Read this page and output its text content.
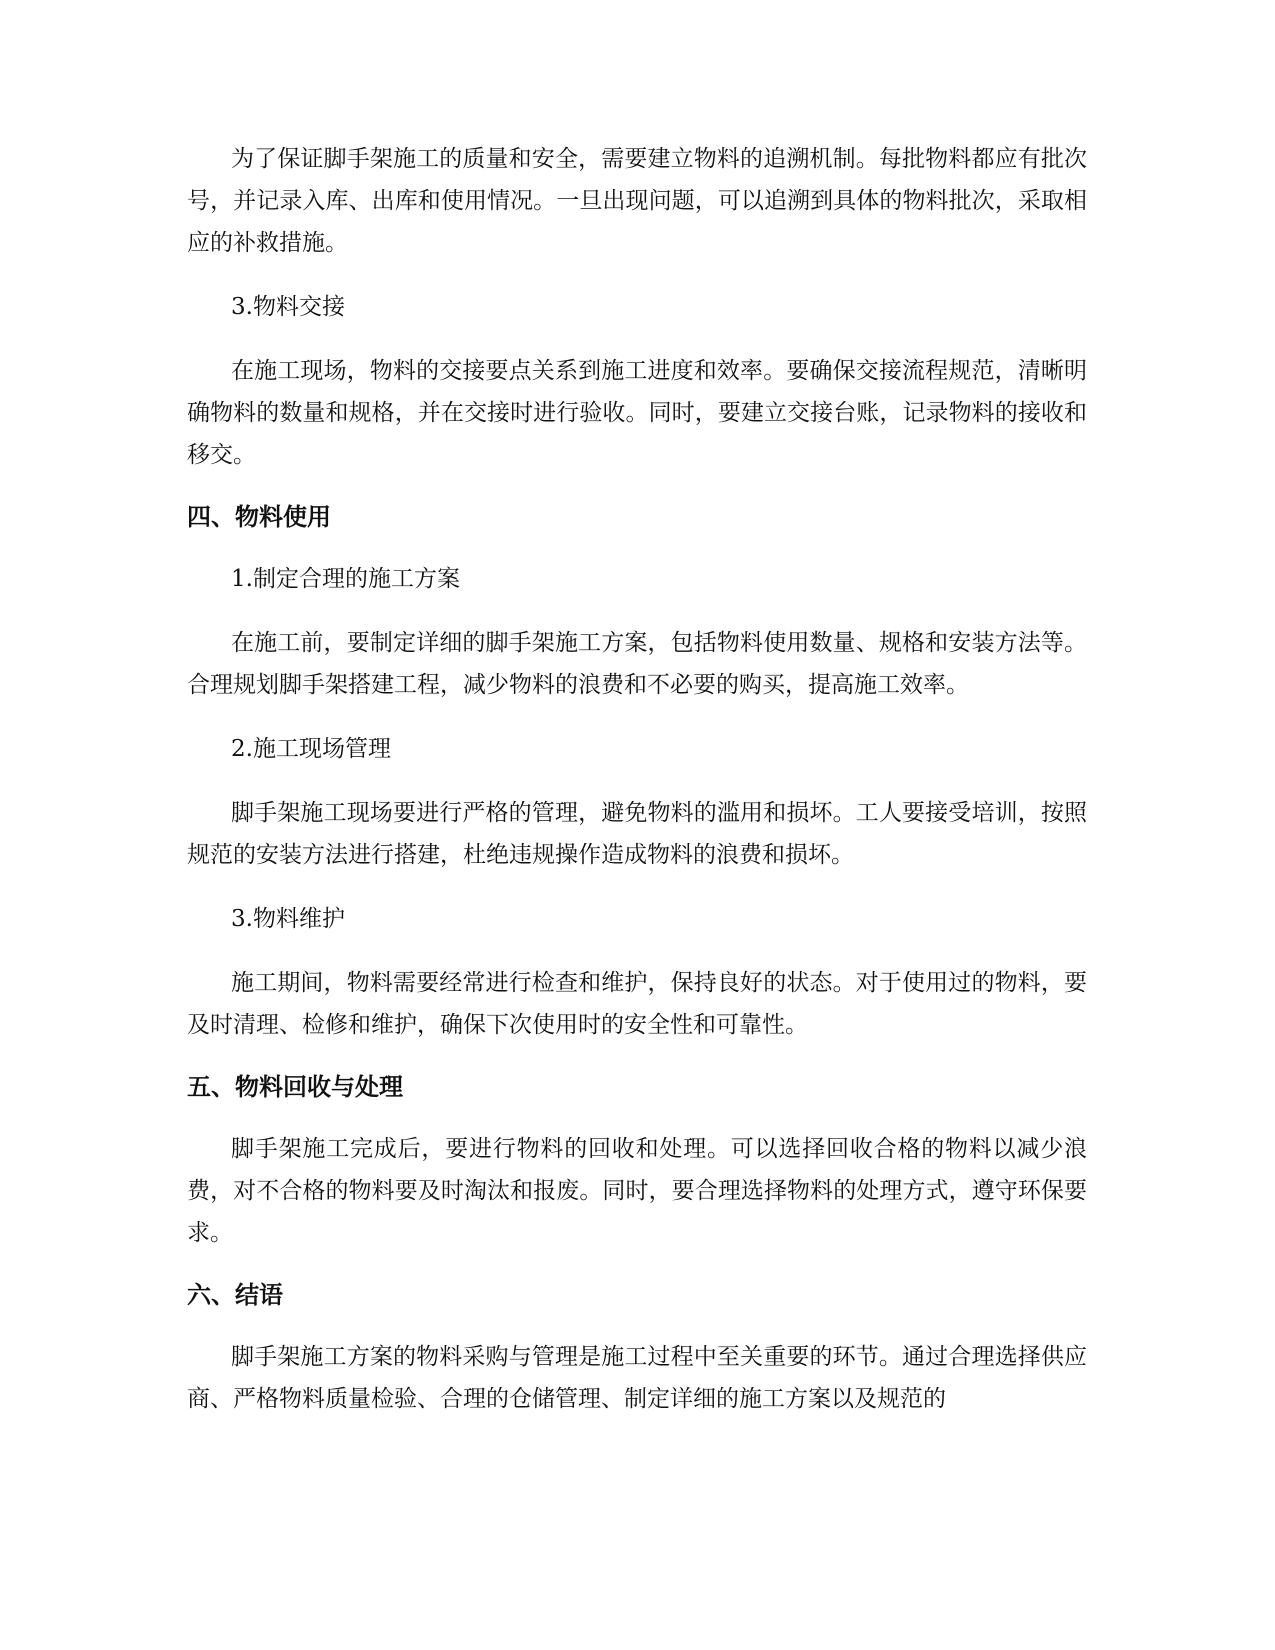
为了保证脚手架施工的质量和安全，需要建立物料的追溯机制。每批物料都应有批次号，并记录入库、出库和使用情况。一旦出现问题，可以追溯到具体的物料批次，采取相应的补救措施。

3.物料交接

在施工现场，物料的交接要点关系到施工进度和效率。要确保交接流程规范，清晰明确物料的数量和规格，并在交接时进行验收。同时，要建立交接台账，记录物料的接收和移交。

四、物料使用

1.制定合理的施工方案

在施工前，要制定详细的脚手架施工方案，包括物料使用数量、规格和安装方法等。合理规划脚手架搭建工程，减少物料的浪费和不必要的购买，提高施工效率。

2.施工现场管理

脚手架施工现场要进行严格的管理，避免物料的滥用和损坏。工人要接受培训，按照规范的安装方法进行搭建，杜绝违规操作造成物料的浪费和损坏。

3.物料维护

施工期间，物料需要经常进行检查和维护，保持良好的状态。对于使用过的物料，要及时清理、检修和维护，确保下次使用时的安全性和可靠性。

五、物料回收与处理

脚手架施工完成后，要进行物料的回收和处理。可以选择回收合格的物料以减少浪费，对不合格的物料要及时淘汰和报废。同时，要合理选择物料的处理方式，遵守环保要求。

六、结语

脚手架施工方案的物料采购与管理是施工过程中至关重要的环节。通过合理选择供应商、严格物料质量检验、合理的仓储管理、制定详细的施工方案以及规范的
